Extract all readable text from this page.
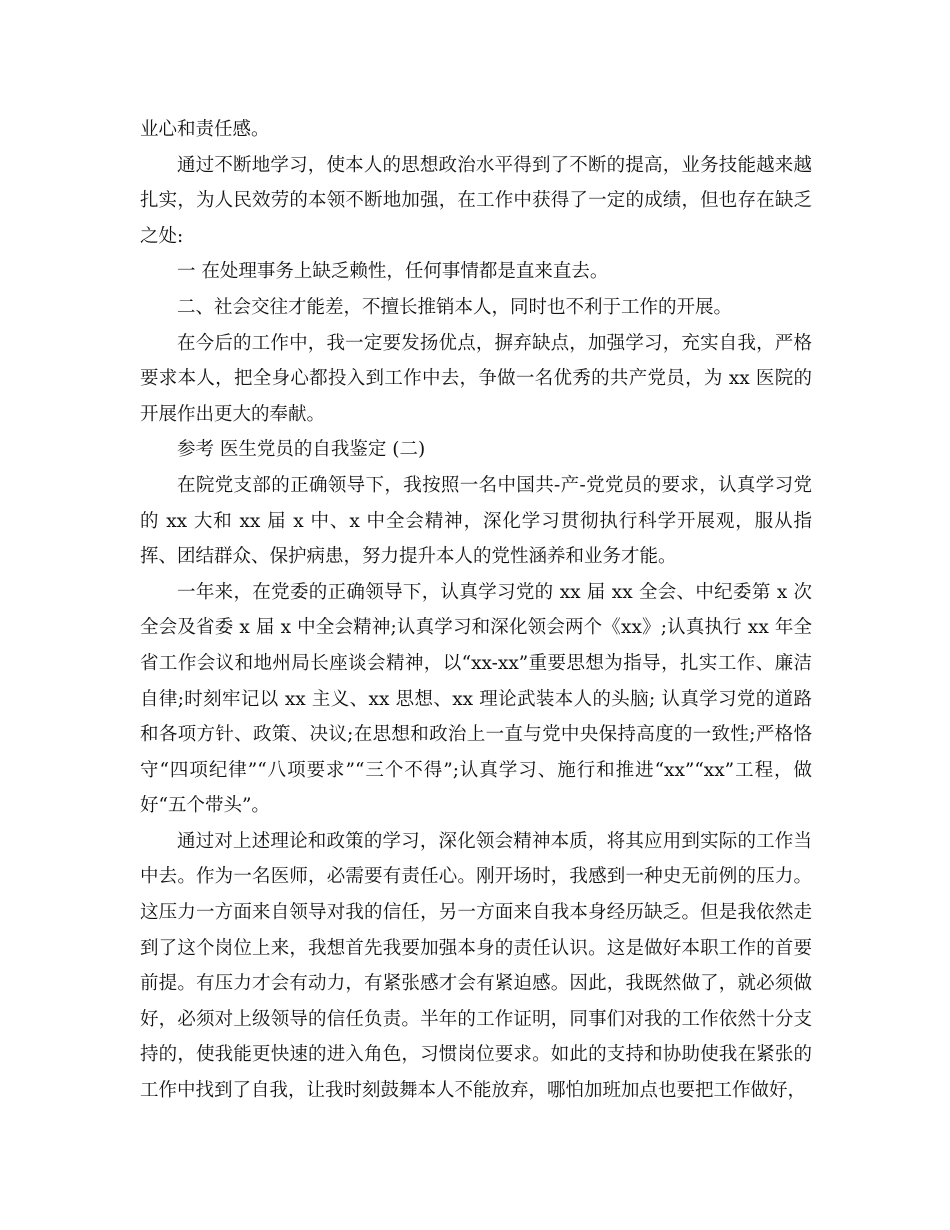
业心和责任感。

通过不断地学习，使本人的思想政治水平得到了不断的提高，业务技能越来越扎实，为人民效劳的本领不断地加强，在工作中获得了一定的成绩，但也存在缺乏之处:

一 在处理事务上缺乏赖性，任何事情都是直来直去。

二、社会交往才能差，不擅长推销本人，同时也不利于工作的开展。

在今后的工作中，我一定要发扬优点，摒弃缺点，加强学习，充实自我，严格要求本人，把全身心都投入到工作中去，争做一名优秀的共产党员，为 xx 医院的开展作出更大的奉献。

参考 医生党员的自我鉴定 (二)

在院党支部的正确领导下，我按照一名中国共-产-党党员的要求，认真学习党的 xx 大和 xx 届 x 中、x 中全会精神，深化学习贯彻执行科学开展观，服从指挥、团结群众、保护病患，努力提升本人的党性涵养和业务才能。

一年来，在党委的正确领导下，认真学习党的 xx 届 xx 全会、中纪委第 x 次全会及省委 x 届 x 中全会精神;认真学习和深化领会两个《xx》;认真执行 xx 年全省工作会议和地州局长座谈会精神，以“xx-xx”重要思想为指导，扎实工作、廉洁自律;时刻牢记以 xx 主义、xx 思想、xx 理论武装本人的头脑; 认真学习党的道路和各项方针、政策、决议;在思想和政治上一直与党中央保持高度的一致性;严格恪守“四项纪律”“八项要求”“三个不得”;认真学习、施行和推进“xx”“xx”工程，做好“五个带头”。

通过对上述理论和政策的学习，深化领会精神本质，将其应用到实际的工作当中去。作为一名医师，必需要有责任心。刚开场时，我感到一种史无前例的压力。这压力一方面来自领导对我的信任，另一方面来自我本身经历缺乏。但是我依然走到了这个岗位上来，我想首先我要加强本身的责任认识。这是做好本职工作的首要前提。有压力才会有动力，有紧张感才会有紧迫感。因此，我既然做了，就必须做好，必须对上级领导的信任负责。半年的工作证明，同事们对我的工作依然十分支持的，使我能更快速的进入角色，习惯岗位要求。如此的支持和协助使我在紧张的工作中找到了自我，让我时刻鼓舞本人不能放弃，哪怕加班加点也要把工作做好，
